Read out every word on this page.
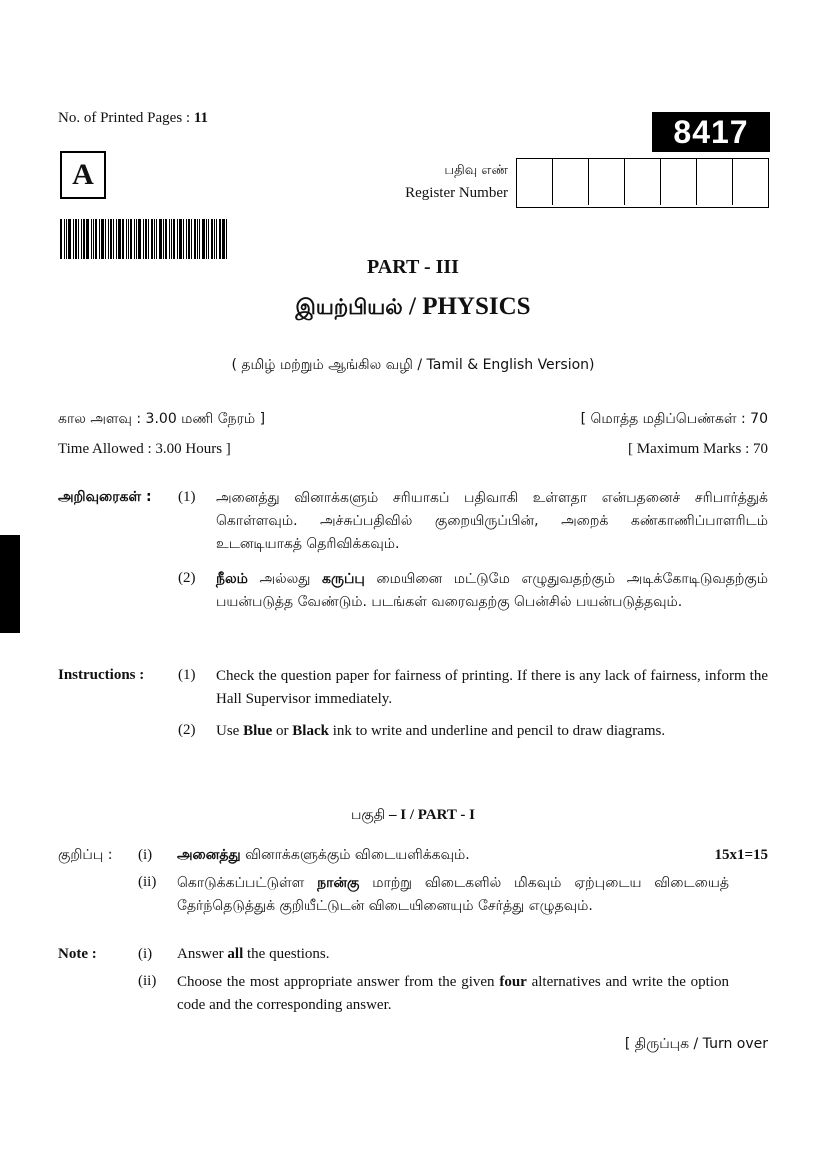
No. of Printed Pages : 11	8417
A	பதிவு எண்
Register Number
PART - III
இயற்பியல் / PHYSICS
( தமிழ் மற்றும் ஆங்கில வழி / Tamil & English Version)
கால அளவு : 3.00 மணி நேரம் ]	[ மொத்த மதிப்பெண்கள் : 70
Time Allowed : 3.00 Hours ]	[ Maximum Marks : 70
அறிவுரைகள் : (1) அனைத்து வினாக்களும் சரியாகப் பதிவாகி உள்ளதா என்பதனைச் சரிபார்த்துக் கொள்ளவும். அச்சுப்பதிவில் குறையிருப்பின், அறைக் கண்காணிப்பாளரிடம் உடனடியாகத் தெரிவிக்கவும்.
(2) நீலம் அல்லது கருப்பு மையினை மட்டுமே எழுதுவதற்கும் அடிக்கோடிடுவதற்கும் பயன்படுத்த வேண்டும். படங்கள் வரைவதற்கு பென்சில் பயன்படுத்தவும்.
Instructions : (1) Check the question paper for fairness of printing. If there is any lack of fairness, inform the Hall Supervisor immediately.
(2) Use Blue or Black ink to write and underline and pencil to draw diagrams.
பகுதி – I / PART - I
குறிப்பு : (i) அனைத்து வினாக்களுக்கும் விடையளிக்கவும்.	15x1=15
(ii) கொடுக்கப்பட்டுள்ள நான்கு மாற்று விடைகளில் மிகவும் ஏற்புடைய விடையைத் தேர்ந்தெடுத்துக் குறியீட்டுடன் விடையினையும் சேர்த்து எழுதவும்.
Note :	(i) Answer all the questions.
(ii) Choose the most appropriate answer from the given four alternatives and write the option code and the corresponding answer.
[ திருப்புக / Turn over
